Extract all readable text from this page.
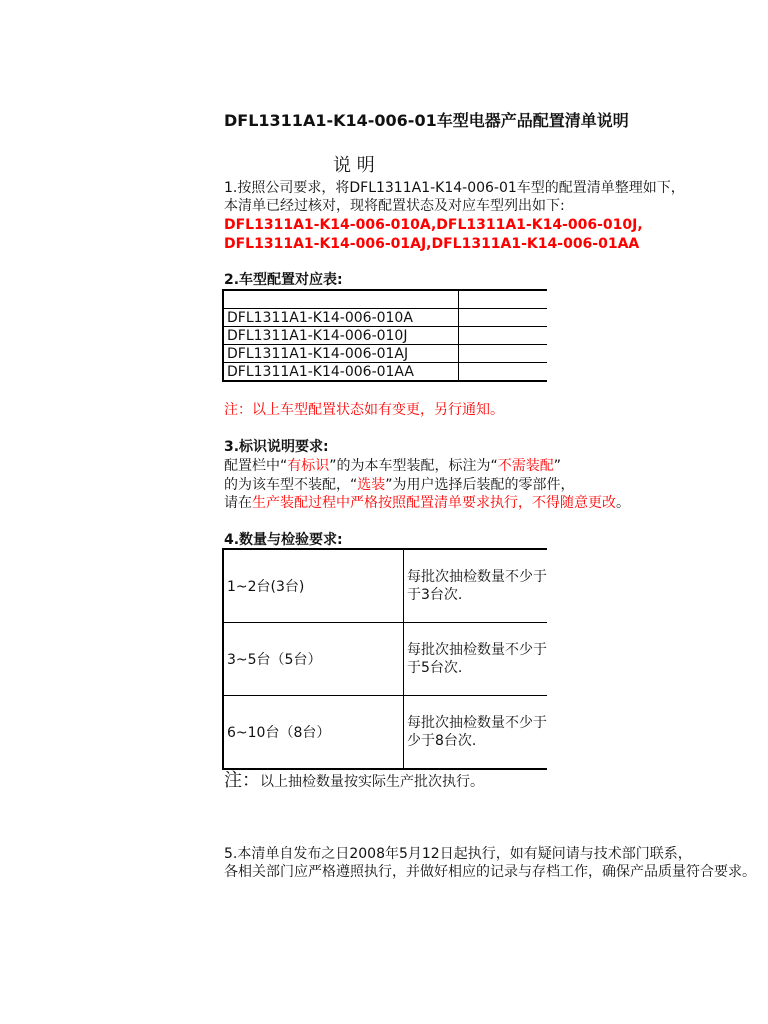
DFL1311A1-K14-006-01车型电器产品配置清单说明
说 明
1.按照公司要求，将DFL1311A1-K14-006-01车型的配置清单整理如下，
本清单已经过核对，现将配置状态及对应车型列出如下:
DFL1311A1-K14-006-010A,DFL1311A1-K14-006-010J,
DFL1311A1-K14-006-01AJ,DFL1311A1-K14-006-01AA
2.车型配置对应表:

DFL1311A1-K14-006-010A	
DFL1311A1-K14-006-010J	
DFL1311A1-K14-006-01AJ	
DFL1311A1-K14-006-01AA	
注：以上车型配置状态如有变更，另行通知。
3.标识说明要求:
配置栏中“有标识”的为本车型装配，标注为“不需装配”
的为该车型不装配，“选装”为用户选择后装配的零部件，
请在生产装配过程中严格按照配置清单要求执行，不得随意更改。
4.数量与检验要求:
1~2台(3台)	每批次抽检数量不少于
于3台次.

3~5台（5台）	每批次抽检数量不少于
于5台次.

6~10台（8台）	每批次抽检数量不少于
少于8台次.
注：以上抽检数量按实际生产批次执行。
5.本清单自发布之日2008年5月12日起执行，如有疑问请与技术部门联系，
各相关部门应严格遵照执行，并做好相应的记录与存档工作，确保产品质量符合要求。
